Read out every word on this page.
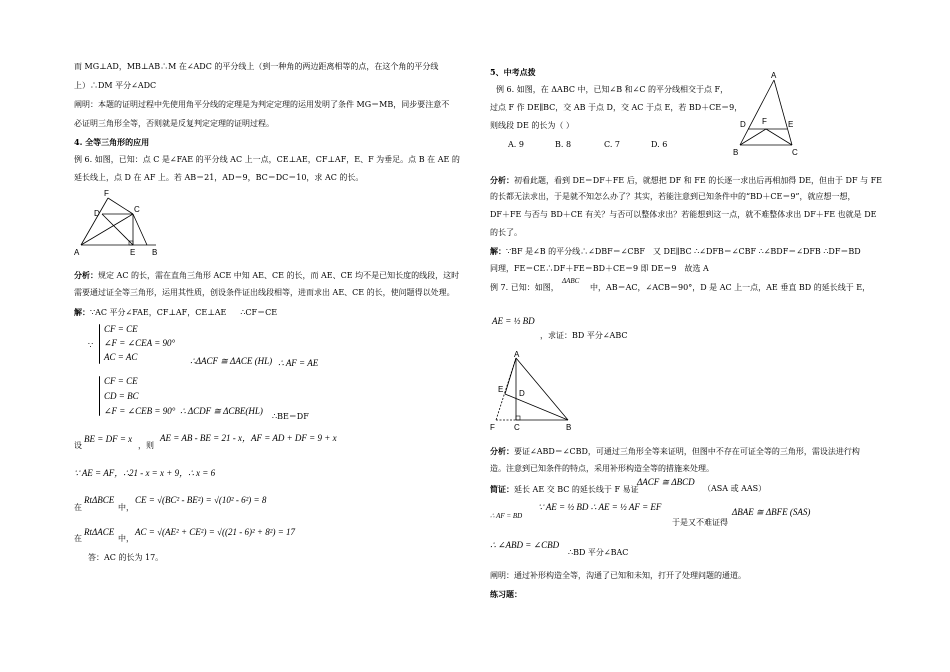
而 MG⊥AD，MB⊥AB∴M 在∠ADC 的平分线上（到一种角的两边距离相等的点，在这个角的平分线
上）∴DM 平分∠ADC
阐明：本题的证明过程中先使用角平分线的定理是为判定定理的运用发明了条件 MG＝MB，同步要注意不
必证明三角形全等，否则就是反复判定定理的证明过程。
4. 全等三角形的应用
例 6. 如图，已知：点 C 是∠FAE 的平分线 AC 上一点，CE⊥AE，CF⊥AF，E、F 为垂足。点 B 在 AE 的
延长线上，点 D 在 AF 上。若 AB＝21，AD＝9，BC＝DC＝10，求 AC 的长。
F
D	C
A	E B
分析：规定 AC 的长，需在直角三角形 ACE 中知 AE、CE 的长，而 AE、CE 均不是已知长度的线段，这时
需要通过证全等三角形，运用其性质，创设条件证出线段相等，进而求出 AE、CE 的长，使问题得以处理。
解：∵AC 平分∠FAE，CF⊥AF，CE⊥AE ∴CF＝CE
∵
CF = CE
∠F = ∠CEA = 90°
AC = AC	∴ΔACF ≅ ΔACE (HL) ∴ AF = AE
CF = CE
CD = BC
∠F = ∠CEB = 90° ∴ ΔCDF ≅ ΔCBE(HL)
∴BE＝DF
设
BE = DF = x
，则
AE = AB - BE = 21 - x，AF = AD + DF = 9 + x
∵ AE = AF，∴21 - x = x + 9，∴ x = 6
在
RtΔBCE
中，
CE = √(BC² - BE²) = √(10² - 6²) = 8
在
RtΔACE
中，
AC = √(AE² + CE²) = √((21 - 6)² + 8²) = 17
答：AC 的长为 17。
5、中考点拨
例 6. 如图，在 ΔABC 中，已知∠B 和∠C 的平分线相交于点 F，
过点 F 作 DE∥BC，交 AB 于点 D，交 AC 于点 E，若 BD＋CE＝9，
则线段 DE 的长为（ ）
A. 9	B. 8	C. 7	D. 6
A
D F	E
B	C
分析：初看此题，看到 DE＝DF＋FE 后，就想把 DF 和 FE 的长逐一求出后再相加得 DE，但由于 DF 与 FE
的长都无法求出，于是就不知怎么办了？其实，若能注意到已知条件中的“BD＋CE＝9”，就应想一想，
DF＋FE 与否与 BD＋CE 有关？与否可以整体求出？若能想到这一点，就不难整体求出 DF＋FE 也就是 DE
的长了。
解：∵BF 是∠B 的平分线∴∠DBF＝∠CBF　又 DE∥BC ∴∠DFB＝∠CBF ∴∠BDF＝∠DFB ∴DF＝BD
同理，FE＝CE∴DF＋FE＝BD＋CE＝9 即 DE＝9　故选 A
例 7. 已知：如图，
ΔABC
中，AB＝AC，∠ACB＝90°，D 是 AC 上一点，AE 垂直 BD 的延长线于 E，
AE = ½ BD
，求证：BD 平分∠ABC
A
E D
F C	B
分析：要证∠ABD＝∠CBD，可通过三角形全等来证明，但图中不存在可证全等的三角形，需设法进行构
造。注意到已知条件的特点，采用补形构造全等的措施来处理。
简证：延长 AE 交 BC 的延长线于 F 易证
ΔACF ≅ ΔBCD
（ASA 或 AAS）
∴ AF = BD
∵ AE = ½ BD ∴ AE = ½ AF = EF
于是又不难证得
ΔBAE ≅ ΔBFE (SAS)
∴ ∠ABD = ∠CBD
∴BD 平分∠BAC
阐明：通过补形构造全等，沟通了已知和未知，打开了处理问题的通道。
练习题：
